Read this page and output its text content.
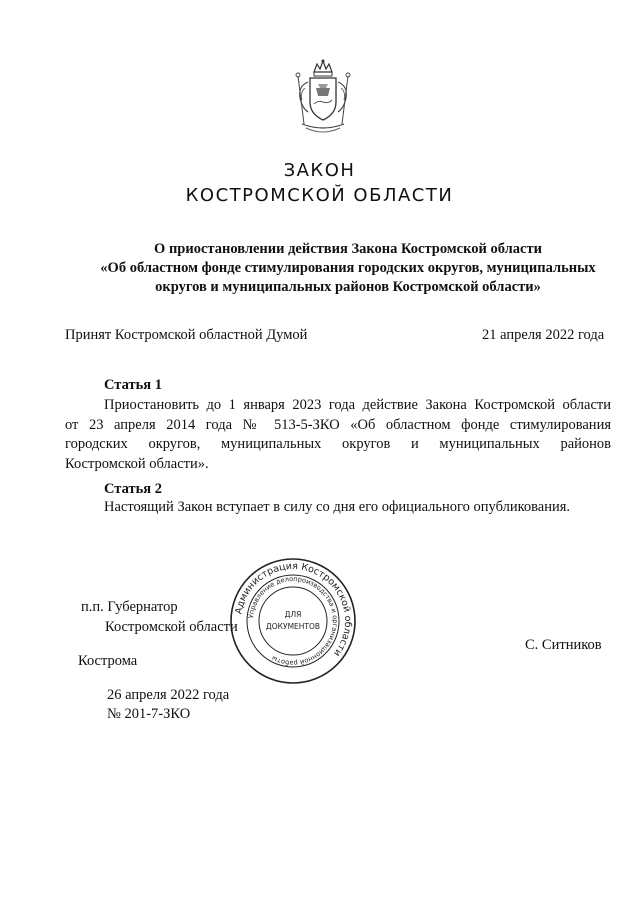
ЗАКОН
КОСТРОМСКОЙ ОБЛАСТИ
О приостановлении действия Закона Костромской области
«Об областном фонде стимулирования городских округов, муниципальных
округов и муниципальных районов Костромской области»
Принят Костромской областной Думой	21 апреля 2022 года
Статья 1
Приостановить до 1 января 2023 года действие Закона Костромской области
от 23 апреля 2014 года № 513-5-ЗКО «Об областном фонде стимулирования
городских округов, муниципальных округов и муниципальных районов
Костромской области».
Статья 2
Настоящий Закон вступает в силу со дня его официального опубликования.
Администрация Костромской области
Управление делопроизводства и организационной работы
ДЛЯ
ДОКУМЕНТОВ
п.п. Губернатор
Костромской области
С. Ситников
Кострома
26 апреля 2022 года
№ 201-7-ЗКО
